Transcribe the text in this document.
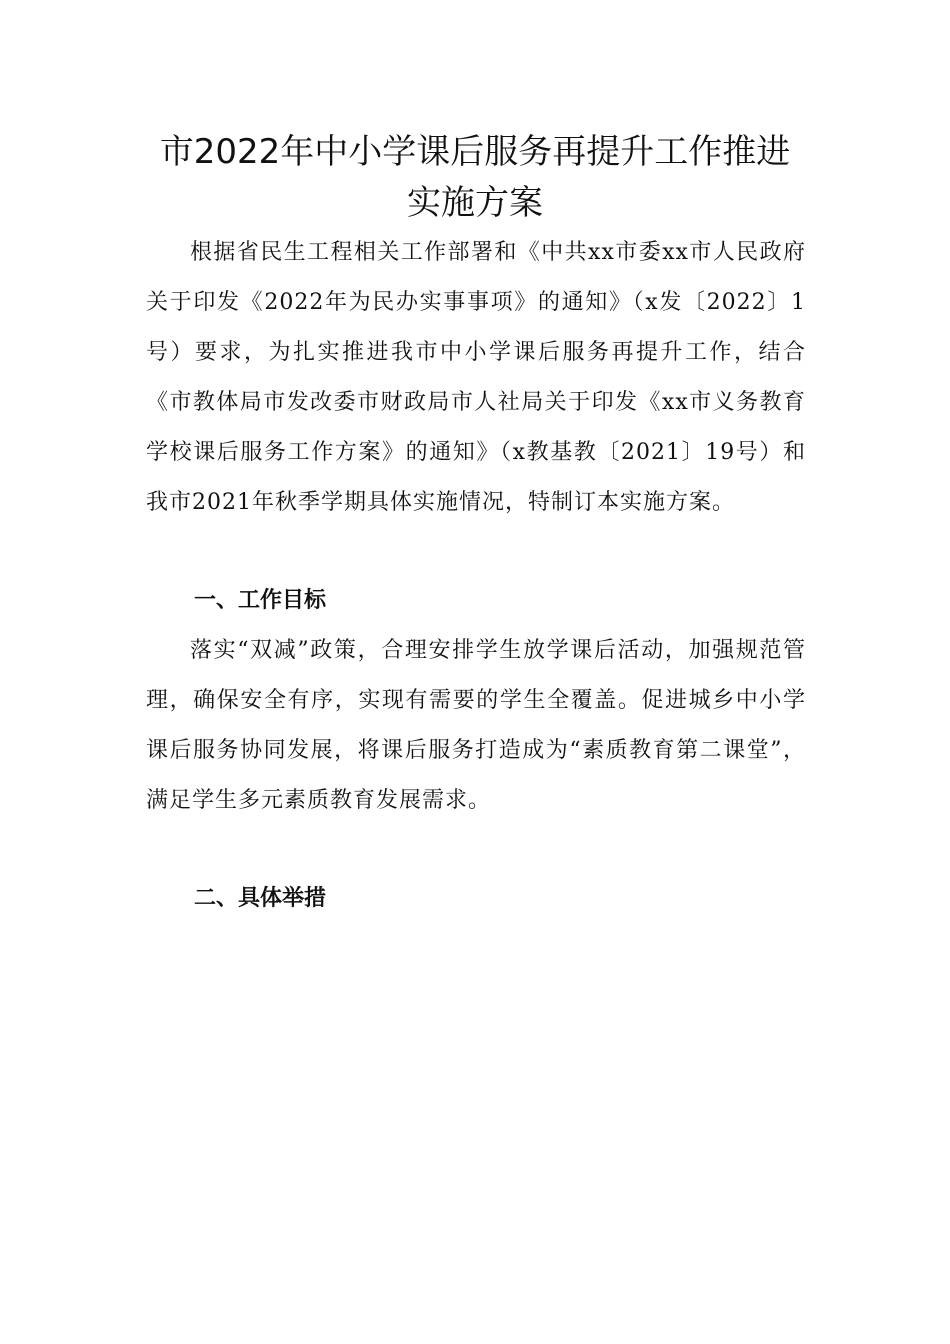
市2022年中小学课后服务再提升工作推进
实施方案

根据省民生工程相关工作部署和《中共xx市委xx市人民政府关于印发《2022年为民办实事事项》的通知》（x发〔2022〕1号）要求，为扎实推进我市中小学课后服务再提升工作，结合《市教体局市发改委市财政局市人社局关于印发《xx市义务教育学校课后服务工作方案》的通知》（x教基教〔2021〕19号）和我市2021年秋季学期具体实施情况，特制订本实施方案。

一、工作目标

落实“双减”政策，合理安排学生放学课后活动，加强规范管理，确保安全有序，实现有需要的学生全覆盖。促进城乡中小学课后服务协同发展，将课后服务打造成为“素质教育第二课堂”，满足学生多元素质教育发展需求。

二、具体举措
